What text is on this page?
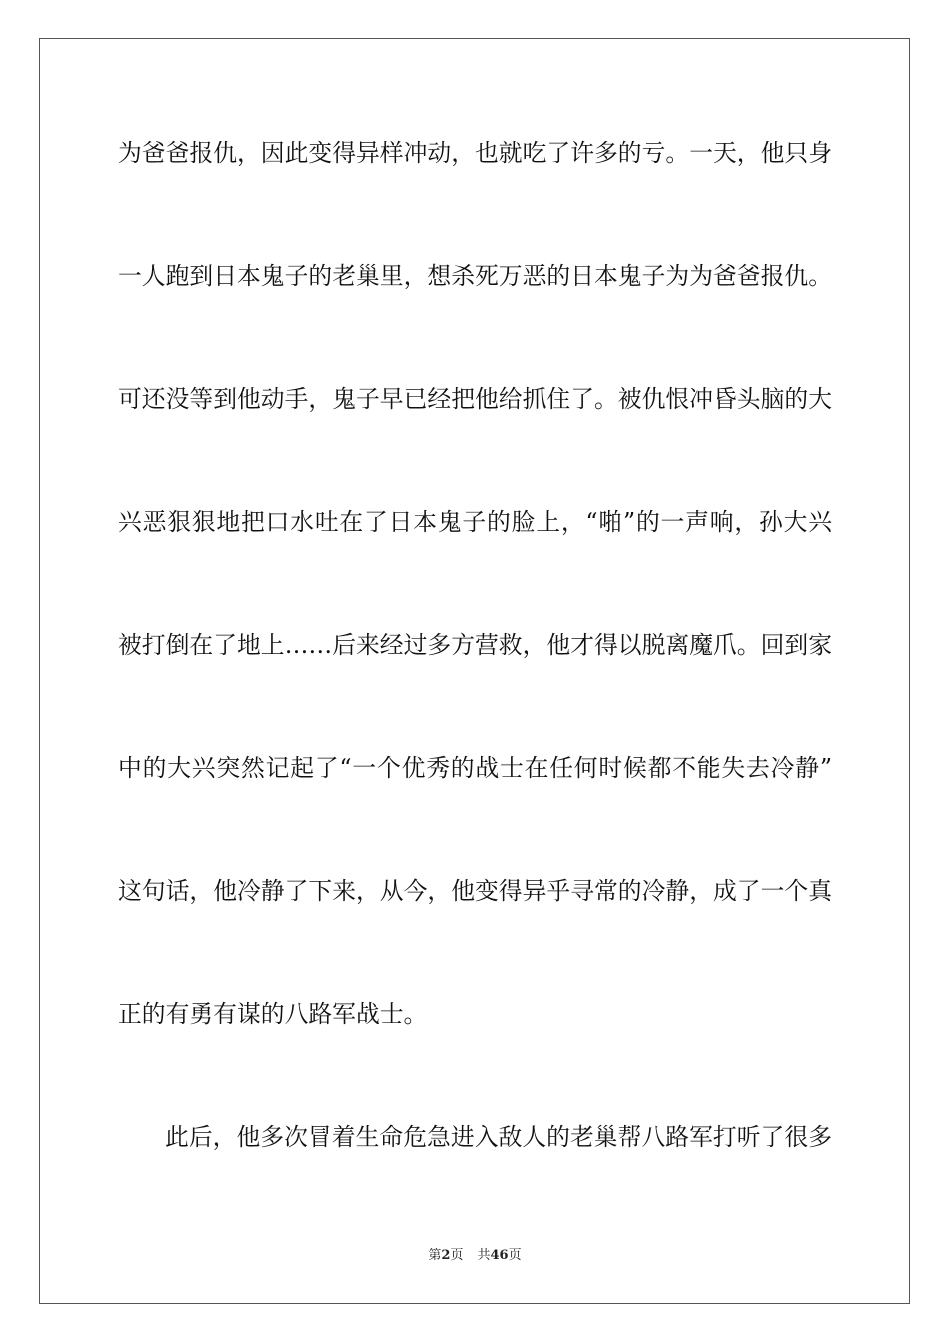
为爸爸报仇，因此变得异样冲动，也就吃了许多的亏。一天，他只身
一人跑到日本鬼子的老巢里，想杀死万恶的日本鬼子为为爸爸报仇。
可还没等到他动手，鬼子早已经把他给抓住了。被仇恨冲昏头脑的大
兴恶狠狠地把口水吐在了日本鬼子的脸上，“啪”的一声响，孙大兴
被打倒在了地上……后来经过多方营救，他才得以脱离魔爪。回到家
中的大兴突然记起了“一个优秀的战士在任何时候都不能失去冷静”
这句话，他冷静了下来，从今，他变得异乎寻常的冷静，成了一个真
正的有勇有谋的八路军战士。
此后，他多次冒着生命危急进入敌人的老巢帮八路军打听了很多
第2页 共46页
